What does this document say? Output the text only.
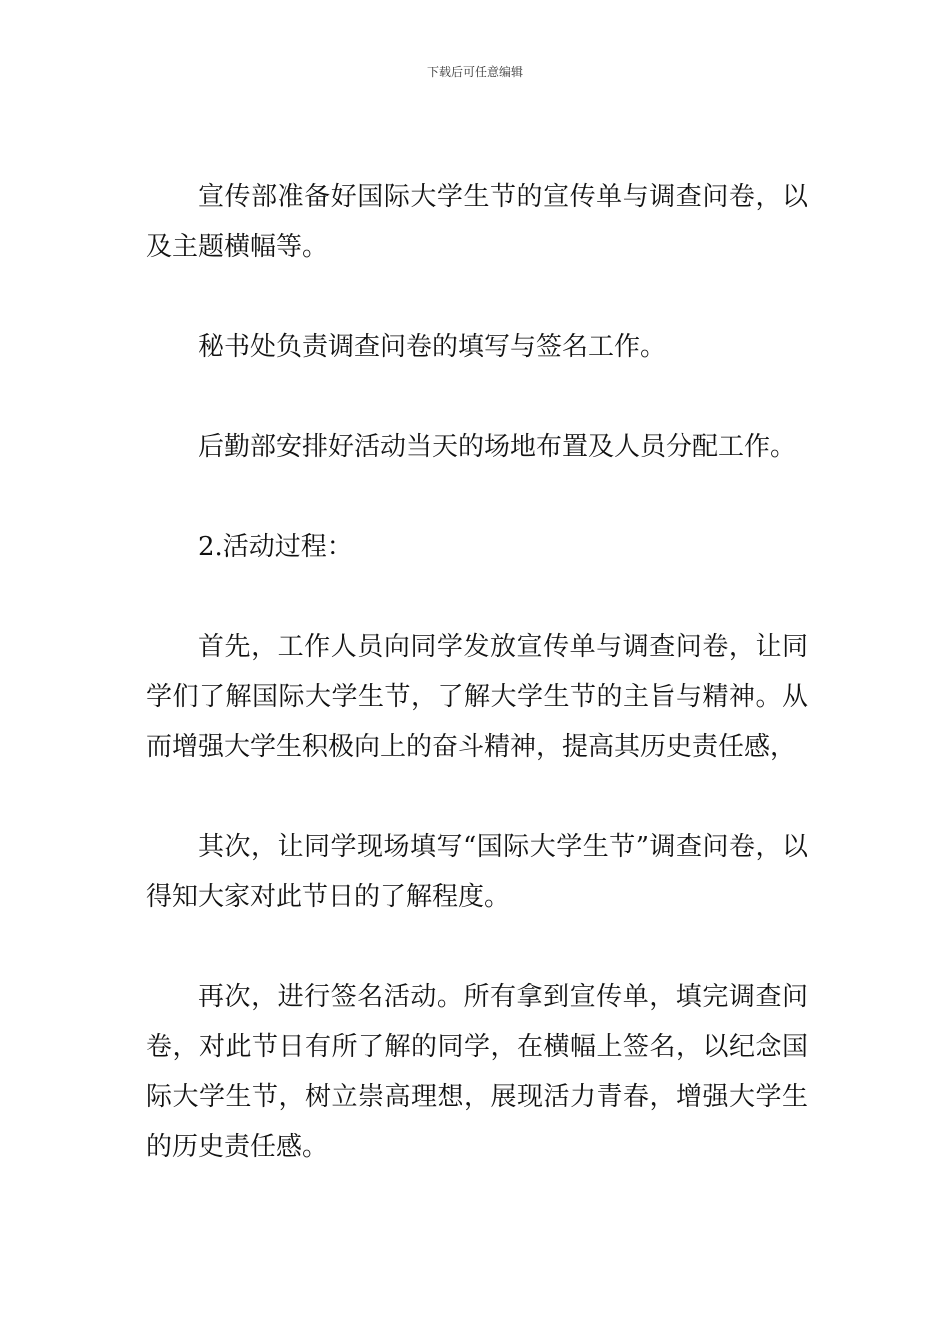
下载后可任意编辑

宣传部准备好国际大学生节的宣传单与调查问卷，以及主题横幅等。

秘书处负责调查问卷的填写与签名工作。

后勤部安排好活动当天的场地布置及人员分配工作。

2.活动过程：

首先，工作人员向同学发放宣传单与调查问卷，让同学们了解国际大学生节，了解大学生节的主旨与精神。从而增强大学生积极向上的奋斗精神，提高其历史责任感，

其次，让同学现场填写“国际大学生节”调查问卷，以得知大家对此节日的了解程度。

再次，进行签名活动。所有拿到宣传单，填完调查问卷，对此节日有所了解的同学，在横幅上签名，以纪念国际大学生节，树立崇高理想，展现活力青春，增强大学生的历史责任感。
